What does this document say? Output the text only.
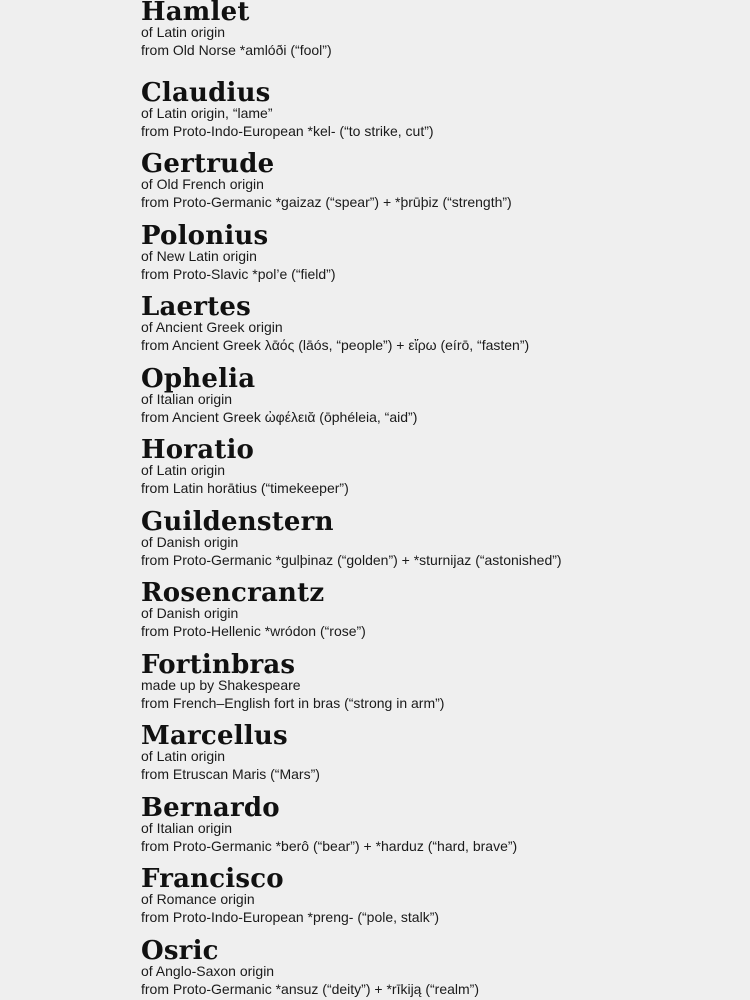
Hamlet
of Latin origin
from Old Norse *amlóði (“fool”)
Claudius
of Latin origin, “lame”
from Proto-Indo-European *kel- (“to strike, cut”)
Gertrude
of Old French origin
from Proto-Germanic *gaizaz (“spear”) + *þrūþiz (“strength”)
Polonius
of New Latin origin
from Proto-Slavic *pol’e (“field”)
Laertes
of Ancient Greek origin
from Ancient Greek λᾱός (lāós, “people”) + εἴρω (eírō, “fasten”)
Ophelia
of Italian origin
from Ancient Greek ὠφέλειᾰ (ōphéleia, “aid”)
Horatio
of Latin origin
from Latin horātius (“timekeeper”)
Guildenstern
of Danish origin
from Proto-Germanic *gulþinaz (“golden”) + *sturnijaz (“astonished”)
Rosencrantz
of Danish origin
from Proto-Hellenic *wródon (“rose”)
Fortinbras
made up by Shakespeare
from French–English fort in bras (“strong in arm”)
Marcellus
of Latin origin
from Etruscan Maris (“Mars”)
Bernardo
of Italian origin
from Proto-Germanic *berô (“bear”) + *harduz (“hard, brave”)
Francisco
of Romance origin
from Proto-Indo-European *preng- (“pole, stalk”)
Osric
of Anglo-Saxon origin
from Proto-Germanic *ansuz (“deity”) + *rīkiją (“realm”)
